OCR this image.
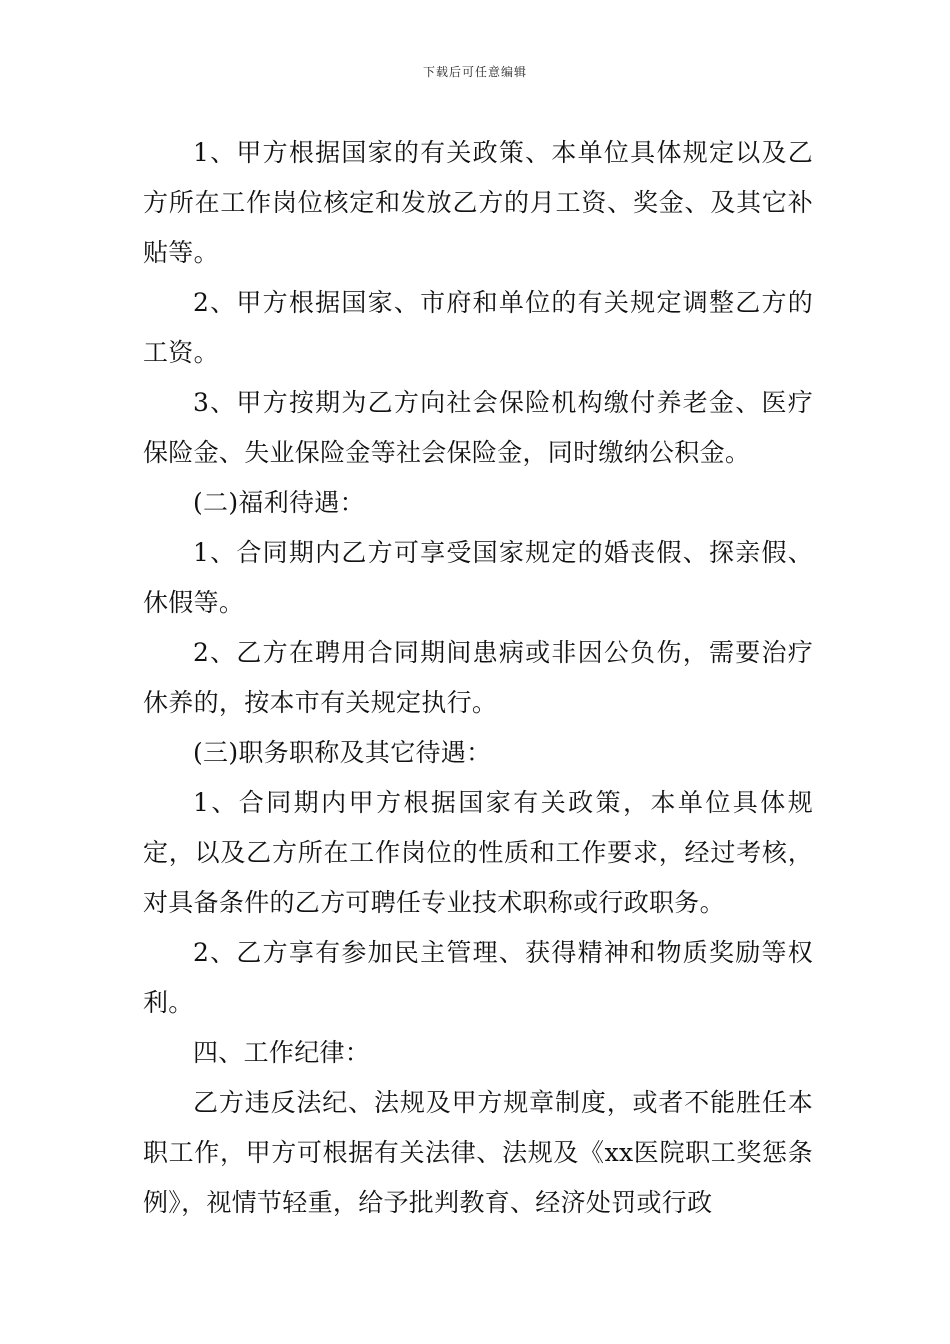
下载后可任意编辑

1、甲方根据国家的有关政策、本单位具体规定以及乙方所在工作岗位核定和发放乙方的月工资、奖金、及其它补贴等。

2、甲方根据国家、市府和单位的有关规定调整乙方的工资。

3、甲方按期为乙方向社会保险机构缴付养老金、医疗保险金、失业保险金等社会保险金，同时缴纳公积金。

(二)福利待遇：

1、合同期内乙方可享受国家规定的婚丧假、探亲假、休假等。

2、乙方在聘用合同期间患病或非因公负伤，需要治疗休养的，按本市有关规定执行。

(三)职务职称及其它待遇：

1、合同期内甲方根据国家有关政策，本单位具体规定，以及乙方所在工作岗位的性质和工作要求，经过考核，对具备条件的乙方可聘任专业技术职称或行政职务。

2、乙方享有参加民主管理、获得精神和物质奖励等权利。

四、工作纪律：

乙方违反法纪、法规及甲方规章制度，或者不能胜任本职工作，甲方可根据有关法律、法规及《xx医院职工奖惩条例》，视情节轻重，给予批判教育、经济处罚或行政
